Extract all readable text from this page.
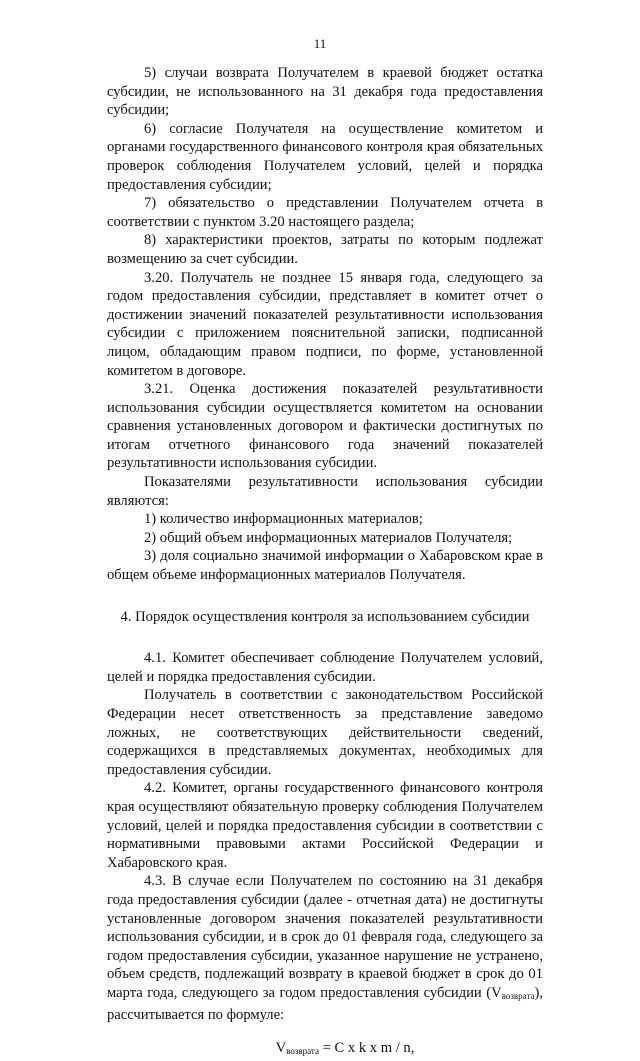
11

5) случаи возврата Получателем в краевой бюджет остатка субсидии, не использованного на 31 декабря года предоставления субсидии;

6) согласие Получателя на осуществление комитетом и органами государственного финансового контроля края обязательных проверок соблюдения Получателем условий, целей и порядка предоставления субсидии;

7) обязательство о представлении Получателем отчета в соответствии с пунктом 3.20 настоящего раздела;

8) характеристики проектов, затраты по которым подлежат возмещению за счет субсидии.

3.20. Получатель не позднее 15 января года, следующего за годом предоставления субсидии, представляет в комитет отчет о достижении значений показателей результативности использования субсидии с приложением пояснительной записки, подписанной лицом, обладающим правом подписи, по форме, установленной комитетом в договоре.

3.21. Оценка достижения показателей результативности использования субсидии осуществляется комитетом на основании сравнения установленных договором и фактически достигнутых по итогам отчетного финансового года значений показателей результативности использования субсидии.

Показателями результативности использования субсидии являются:

1) количество информационных материалов;

2) общий объем информационных материалов Получателя;

3) доля социально значимой информации о Хабаровском крае в общем объеме информационных материалов Получателя.

4. Порядок осуществления контроля за использованием субсидии

4.1. Комитет обеспечивает соблюдение Получателем условий, целей и порядка предоставления субсидии.

Получатель в соответствии с законодательством Российской Федерации несет ответственность за представление заведомо ложных, не соответствующих действительности сведений, содержащихся в представляемых документах, необходимых для предоставления субсидии.

4.2. Комитет, органы государственного финансового контроля края осуществляют обязательную проверку соблюдения Получателем условий, целей и порядка предоставления субсидии в соответствии с нормативными правовыми актами Российской Федерации и Хабаровского края.

4.3. В случае если Получателем по состоянию на 31 декабря года предоставления субсидии (далее - отчетная дата) не достигнуты установленные договором значения показателей результативности использования субсидии, и в срок до 01 февраля года, следующего за годом предоставления субсидии, указанное нарушение не устранено, объем средств, подлежащий возврату в краевой бюджет в срок до 01 марта года, следующего за годом предоставления субсидии $(V_{возврата})$, рассчитывается по формуле:

$V_{возврата} = C$ x k x m / n,
